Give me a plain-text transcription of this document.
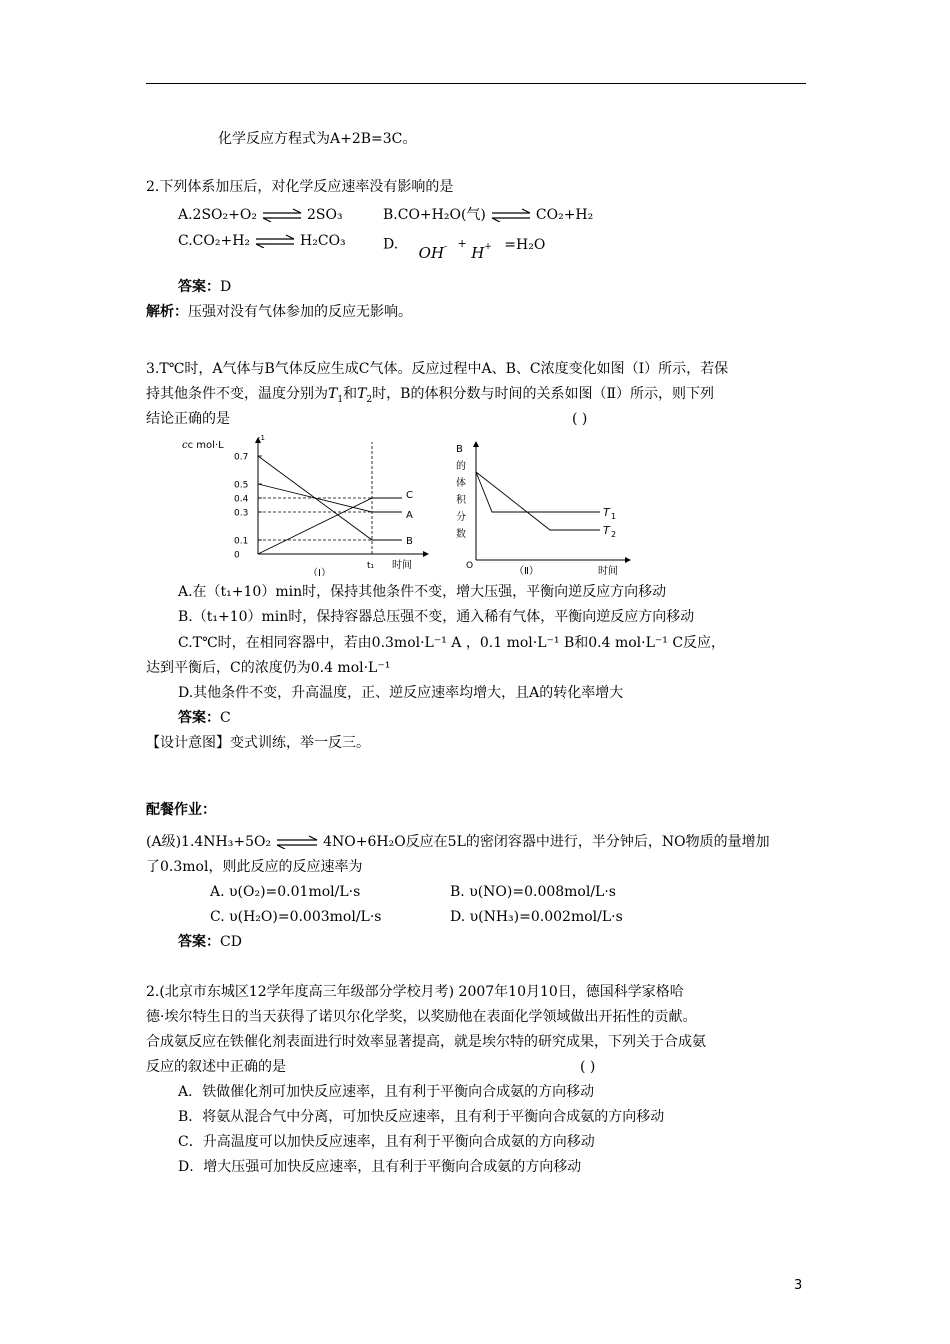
化学反应方程式为A+2B=3C。
2.下列体系加压后，对化学反应速率没有影响的是
A.2SO₂+O₂ ⇌ 2SO₃	B.CO+H₂O(气) ⇌ CO₂+H₂
C.CO₂+H₂ ⇌ H₂CO₃	D. OH- + H+ =H₂O
答案：D
解析：压强对没有气体参加的反应无影响。
3.T℃时，A气体与B气体反应生成C气体。反应过程中A、B、C浓度变化如图（Ⅰ）所示，若保
持其他条件不变，温度分别为$T_1$和$T_2$时，B的体积分数与时间的关系如图（Ⅱ）所示，则下列
结论正确的是	( )
cc mol·L
-1
0.7
0.5
0.4
0.3
0.1
0
A
B
C
t₁ 时间
（Ⅰ）
B
的
体
积
分
数
T 1
T 2
O	时间
（Ⅱ）
A.在（t₁+10）min时，保持其他条件不变，增大压强，平衡向逆反应方向移动
B.（t₁+10）min时，保持容器总压强不变，通入稀有气体，平衡向逆反应方向移动
C.T℃时，在相同容器中，若由0.3mol·L⁻¹ A ，0.1 mol·L⁻¹ B和0.4 mol·L⁻¹ C反应，
达到平衡后，C的浓度仍为0.4 mol·L⁻¹
D.其他条件不变，升高温度，正、逆反应速率均增大，且A的转化率增大
答案：C
【设计意图】变式训练，举一反三。
配餐作业：
(A级)1.4NH₃+5O₂ ⇌ 4NO+6H₂O反应在5L的密闭容器中进行，半分钟后，NO物质的量增加
了0.3mol，则此反应的反应速率为
A. υ(O₂)=0.01mol/L·s	B. υ(NO)=0.008mol/L·s
C. υ(H₂O)=0.003mol/L·s	D. υ(NH₃)=0.002mol/L·s
答案：CD
2.(北京市东城区12学年度高三年级部分学校月考) 2007年10月10日，德国科学家格哈
德·埃尔特生日的当天获得了诺贝尔化学奖，以奖励他在表面化学领域做出开拓性的贡献。
合成氨反应在铁催化剂表面进行时效率显著提高，就是埃尔特的研究成果，下列关于合成氨
反应的叙述中正确的是	( )
A．铁做催化剂可加快反应速率，且有利于平衡向合成氨的方向移动
B．将氨从混合气中分离，可加快反应速率，且有利于平衡向合成氨的方向移动
C．升高温度可以加快反应速率，且有利于平衡向合成氨的方向移动
D．增大压强可加快反应速率，且有利于平衡向合成氨的方向移动
3
